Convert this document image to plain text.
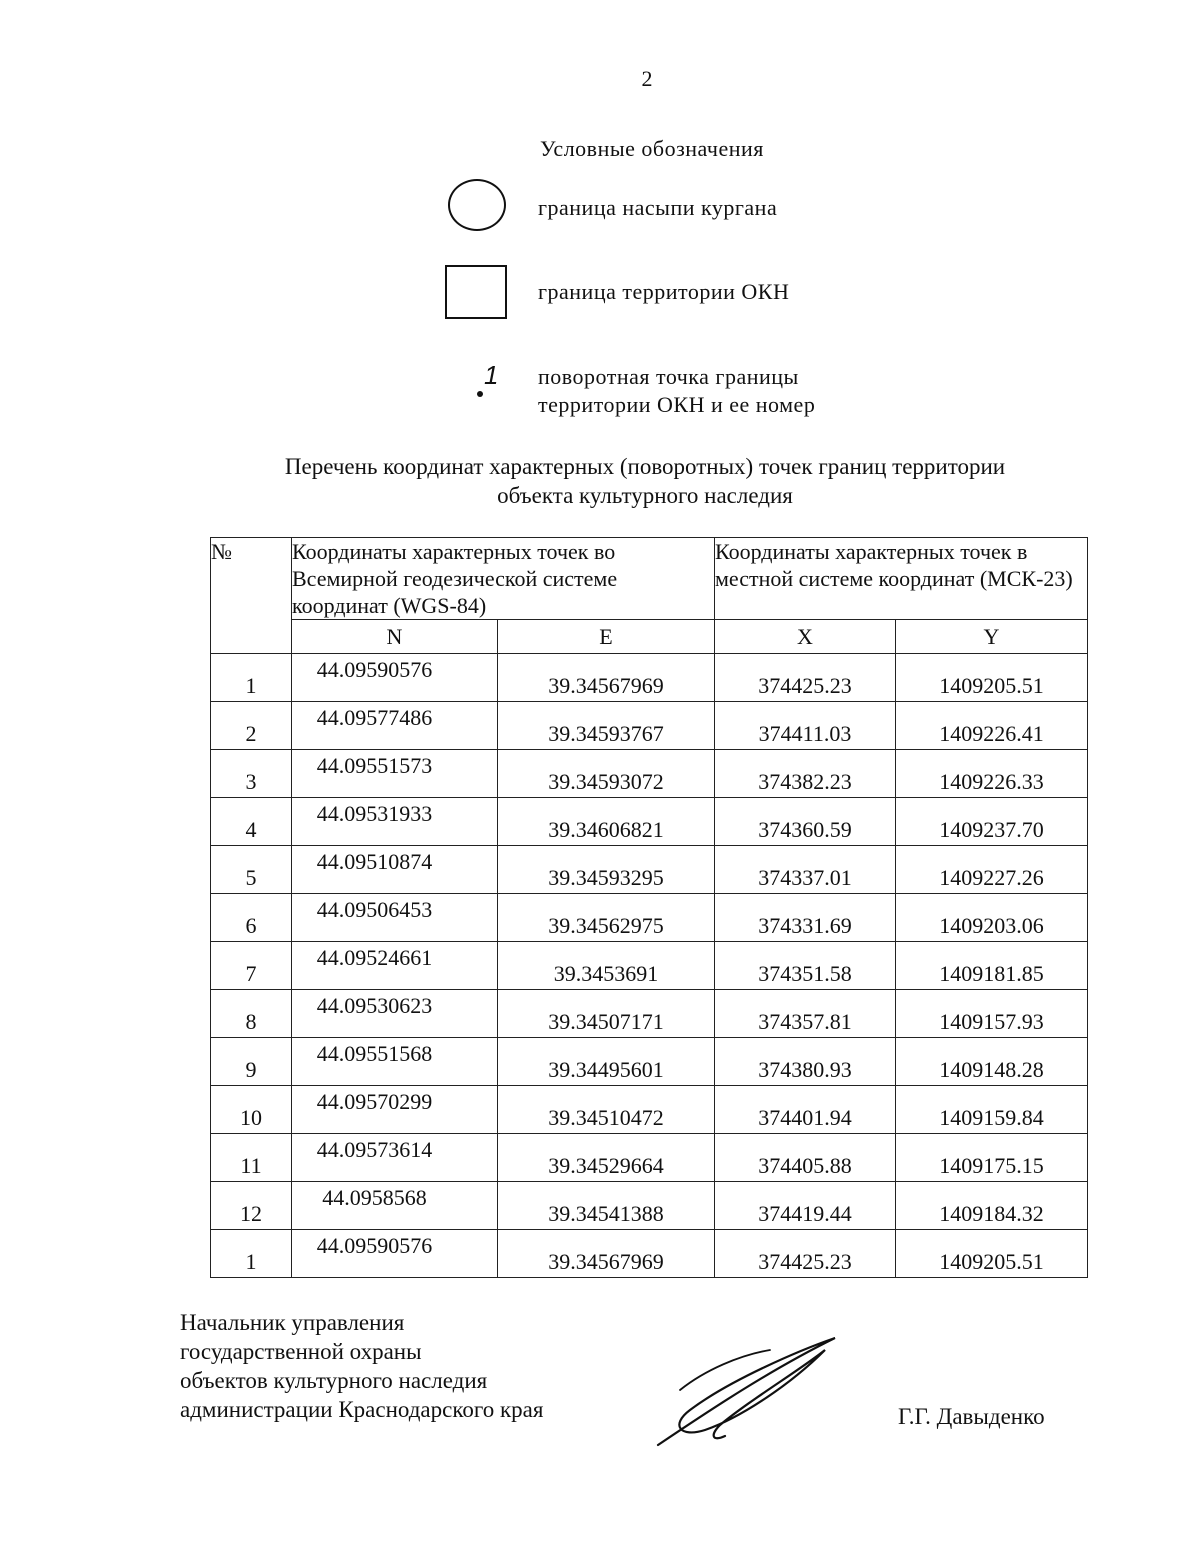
2
Условные обозначения
граница насыпи кургана
граница территории ОКН
1 поворотная точка границы
территории ОКН и ее номер
Перечень координат характерных (поворотных) точек границ территории
объекта культурного наследия
№	Координаты характерных точек во Всемирной геодезической системе координат (WGS-84)		Координаты характерных точек в местной системе координат (МСК-23)	
	N	E	X	Y
1	44.09590576	39.34567969	374425.23	1409205.51
2	44.09577486	39.34593767	374411.03	1409226.41
3	44.09551573	39.34593072	374382.23	1409226.33
4	44.09531933	39.34606821	374360.59	1409237.70
5	44.09510874	39.34593295	374337.01	1409227.26
6	44.09506453	39.34562975	374331.69	1409203.06
7	44.09524661	39.3453691	374351.58	1409181.85
8	44.09530623	39.34507171	374357.81	1409157.93
9	44.09551568	39.34495601	374380.93	1409148.28
10	44.09570299	39.34510472	374401.94	1409159.84
11	44.09573614	39.34529664	374405.88	1409175.15
12	44.0958568	39.34541388	374419.44	1409184.32
1	44.09590576	39.34567969	374425.23	1409205.51
Начальник управления
государственной охраны
объектов культурного наследия
администрации Краснодарского края	Г.Г. Давыденко
